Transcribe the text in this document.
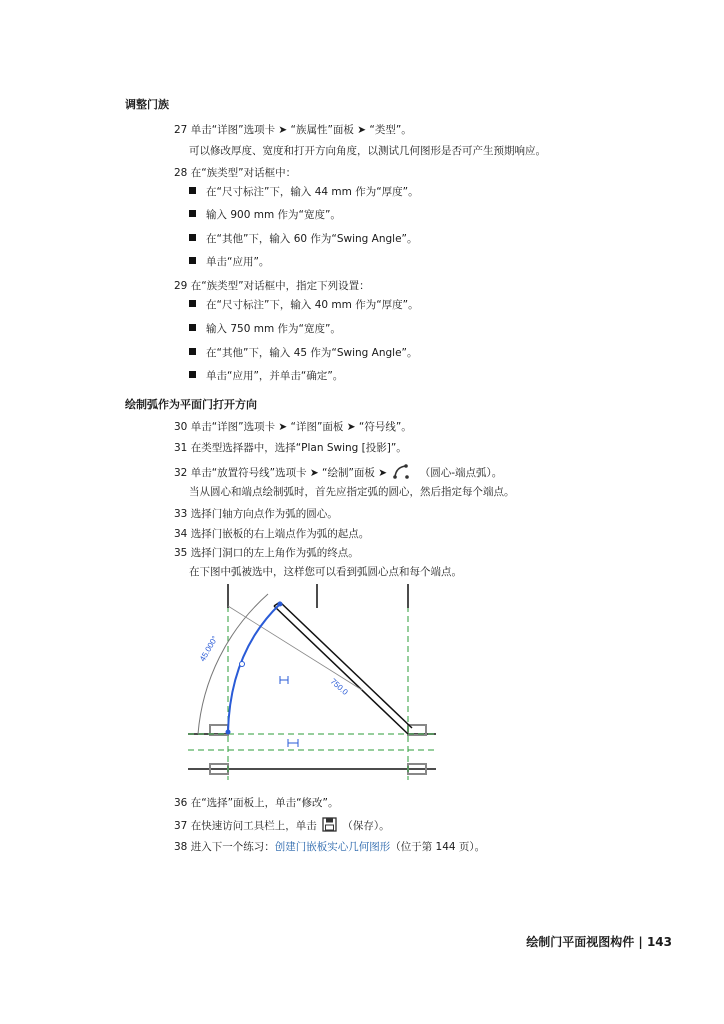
调整门族
绘制弧作为平面门打开方向
27 单击“详图”选项卡 ➤ “族属性”面板 ➤ “类型”。
可以修改厚度、宽度和打开方向角度，以测试几何图形是否可产生预期响应。
28 在“族类型”对话框中：
在“尺寸标注”下，输入 44 mm 作为“厚度”。
输入 900 mm 作为“宽度”。
在“其他”下，输入 60 作为“Swing Angle”。
单击“应用”。
29 在“族类型”对话框中，指定下列设置：
在“尺寸标注”下，输入 40 mm 作为“厚度”。
输入 750 mm 作为“宽度”。
在“其他”下，输入 45 作为“Swing Angle”。
单击“应用”，并单击“确定”。
30 单击“详图”选项卡 ➤ “详图”面板 ➤ “符号线”。
31 在类型选择器中，选择“Plan Swing [投影]”。
32 单击“放置符号线”选项卡 ➤ “绘制”面板 ➤	（圆心-端点弧）。
当从圆心和端点绘制弧时，首先应指定弧的圆心，然后指定每个端点。
33 选择门轴方向点作为弧的圆心。
34 选择门嵌板的右上端点作为弧的起点。
35 选择门洞口的左上角作为弧的终点。
在下图中弧被选中，这样您可以看到弧圆心点和每个端点。
45.000°
750.0
36 在“选择”面板上，单击“修改”。
37 在快速访问工具栏上，单击 （保存）。
38 进入下一个练习：创建门嵌板实心几何图形（位于第 144 页）。
绘制门平面视图构件 | 143
